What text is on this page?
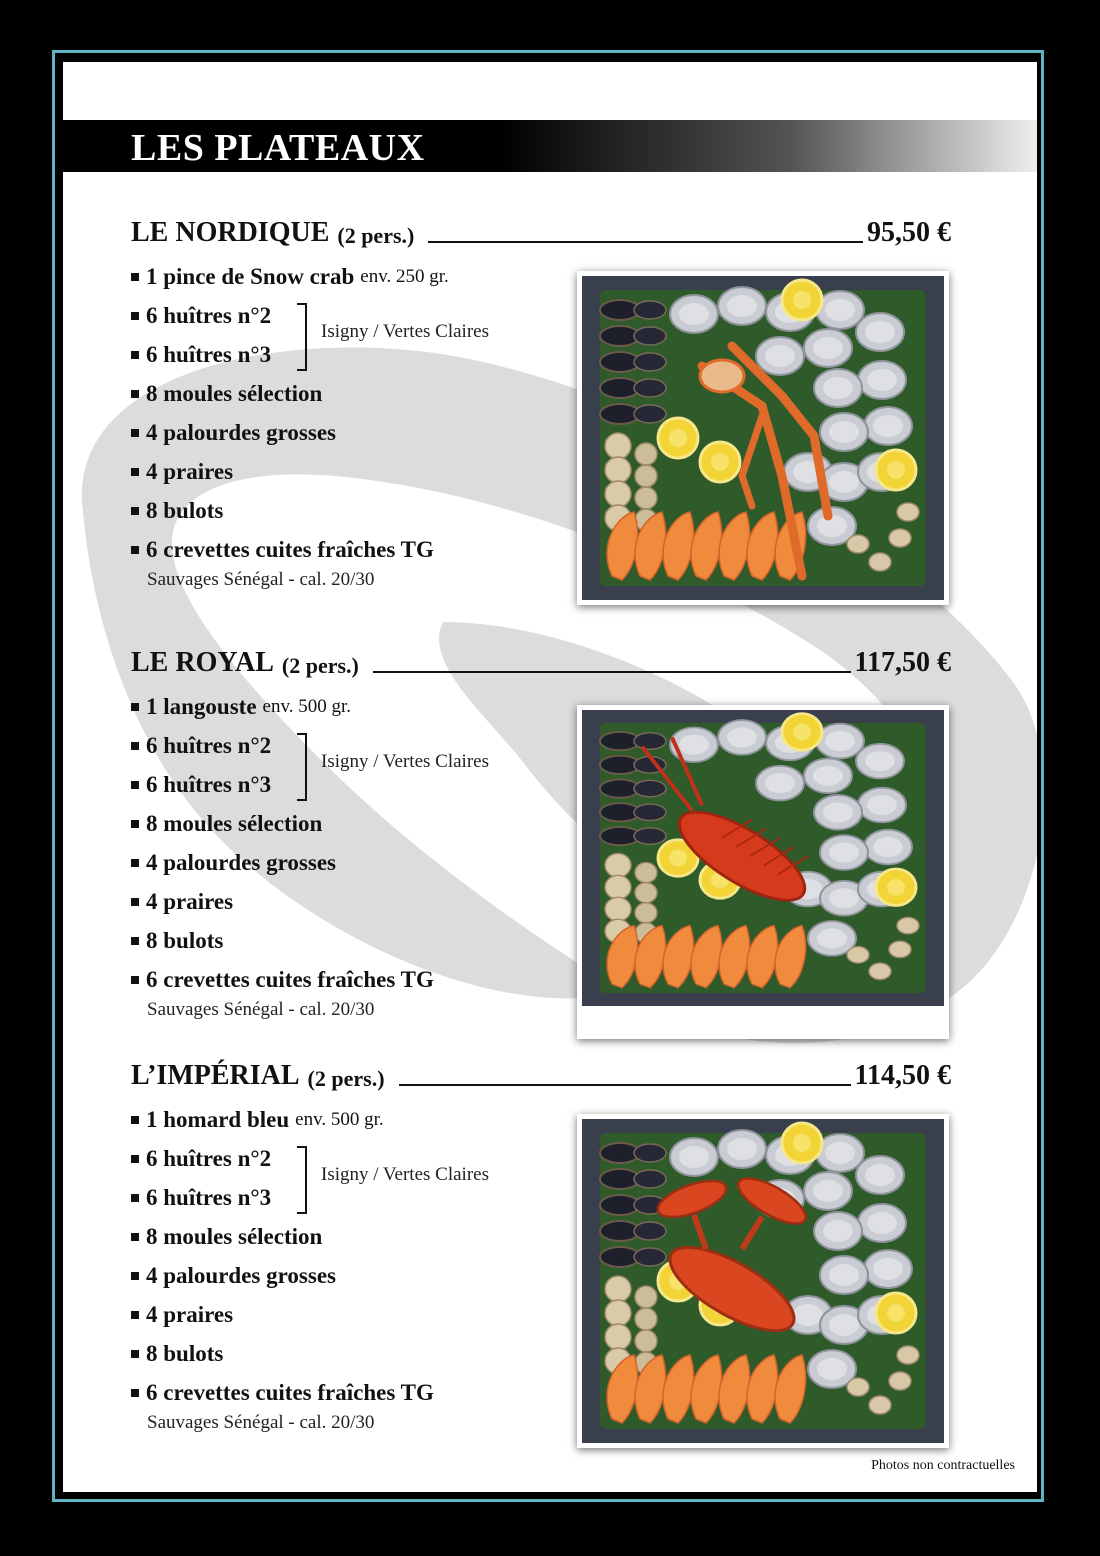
LES PLATEAUX
LE NORDIQUE (2 pers.)	95,50 €
1 pince de Snow crab env. 250 gr.
6 huîtres n°2
6 huîtres n°3
8 moules sélection
4 palourdes grosses
4 praires
8 bulots
6 crevettes cuites fraîches TG
Sauvages Sénégal - cal. 20/30
Isigny / Vertes Claires
LE ROYAL (2 pers.)	117,50 €
1 langouste env. 500 gr.
6 huîtres n°2
6 huîtres n°3
8 moules sélection
4 palourdes grosses
4 praires
8 bulots
6 crevettes cuites fraîches TG
Sauvages Sénégal - cal. 20/30
Isigny / Vertes Claires
L’IMPÉRIAL (2 pers.)	114,50 €
1 homard bleu env. 500 gr.
6 huîtres n°2
6 huîtres n°3
8 moules sélection
4 palourdes grosses
4 praires
8 bulots
6 crevettes cuites fraîches TG
Sauvages Sénégal - cal. 20/30
Isigny / Vertes Claires
Photos non contractuelles
